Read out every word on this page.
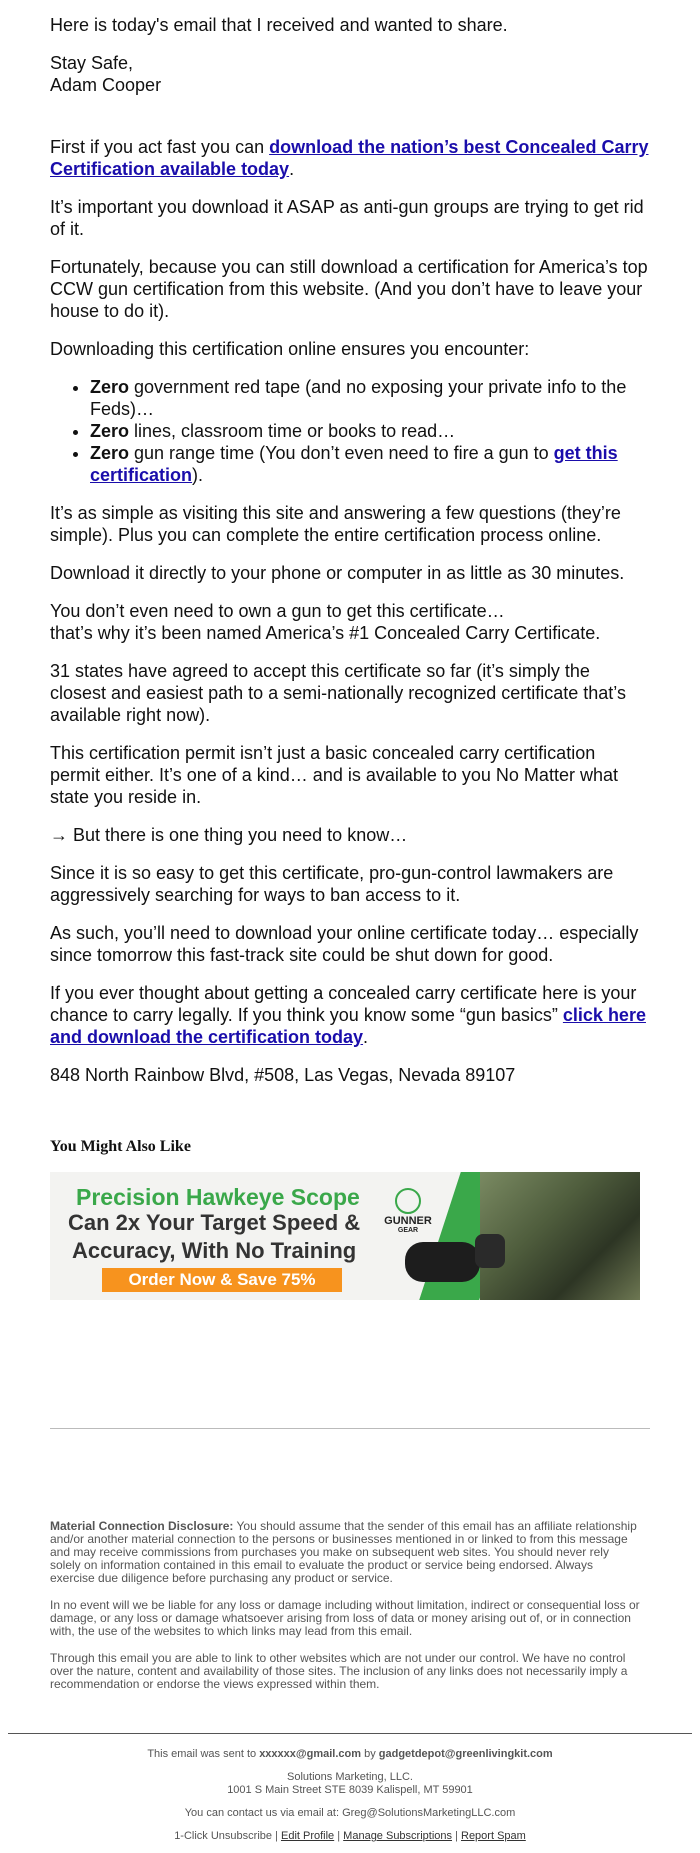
Here is today's email that I received and wanted to share.

Stay Safe,
Adam Cooper

First if you act fast you can download the nation’s best Concealed Carry Certification available today.

It’s important you download it ASAP as anti-gun groups are trying to get rid of it.

Fortunately, because you can still download a certification for America’s top CCW gun certification from this website. (And you don’t have to leave your house to do it).

Downloading this certification online ensures you encounter:

• Zero government red tape (and no exposing your private info to the Feds)…
• Zero lines, classroom time or books to read…
• Zero gun range time (You don’t even need to fire a gun to get this certification).

It’s as simple as visiting this site and answering a few questions (they’re simple). Plus you can complete the entire certification process online.

Download it directly to your phone or computer in as little as 30 minutes.

You don’t even need to own a gun to get this certificate…
that’s why it’s been named America’s #1 Concealed Carry Certificate.

31 states have agreed to accept this certificate so far (it’s simply the closest and easiest path to a semi-nationally recognized certificate that’s available right now).

This certification permit isn’t just a basic concealed carry certification permit either. It’s one of a kind… and is available to you No Matter what state you reside in.

→ But there is one thing you need to know…

Since it is so easy to get this certificate, pro-gun-control lawmakers are aggressively searching for ways to ban access to it.

As such, you’ll need to download your online certificate today… especially since tomorrow this fast-track site could be shut down for good.

If you ever thought about getting a concealed carry certificate here is your chance to carry legally. If you think you know some “gun basics” click here and download the certification today.

848 North Rainbow Blvd, #508, Las Vegas, Nevada 89107

You Might Also Like
Precision Hawkeye Scope
Can 2x Your Target Speed &
Accuracy, With No Training
Order Now & Save 75%
GUNNER
GEAR

Material Connection Disclosure: You should assume that the sender of this email has an affiliate relationship and/or another material connection to the persons or businesses mentioned in or linked to from this message and may receive commissions from purchases you make on subsequent web sites. You should never rely solely on information contained in this email to evaluate the product or service being endorsed. Always exercise due diligence before purchasing any product or service.

In no event will we be liable for any loss or damage including without limitation, indirect or consequential loss or damage, or any loss or damage whatsoever arising from loss of data or money arising out of, or in connection with, the use of the websites to which links may lead from this email.

Through this email you are able to link to other websites which are not under our control. We have no control over the nature, content and availability of those sites. The inclusion of any links does not necessarily imply a recommendation or endorse the views expressed within them.

This email was sent to xxxxxx@gmail.com by gadgetdepot@greenlivingkit.com

Solutions Marketing, LLC.
1001 S Main Street STE 8039 Kalispell, MT 59901

You can contact us via email at: Greg@SolutionsMarketingLLC.com

1-Click Unsubscribe | Edit Profile | Manage Subscriptions | Report Spam
